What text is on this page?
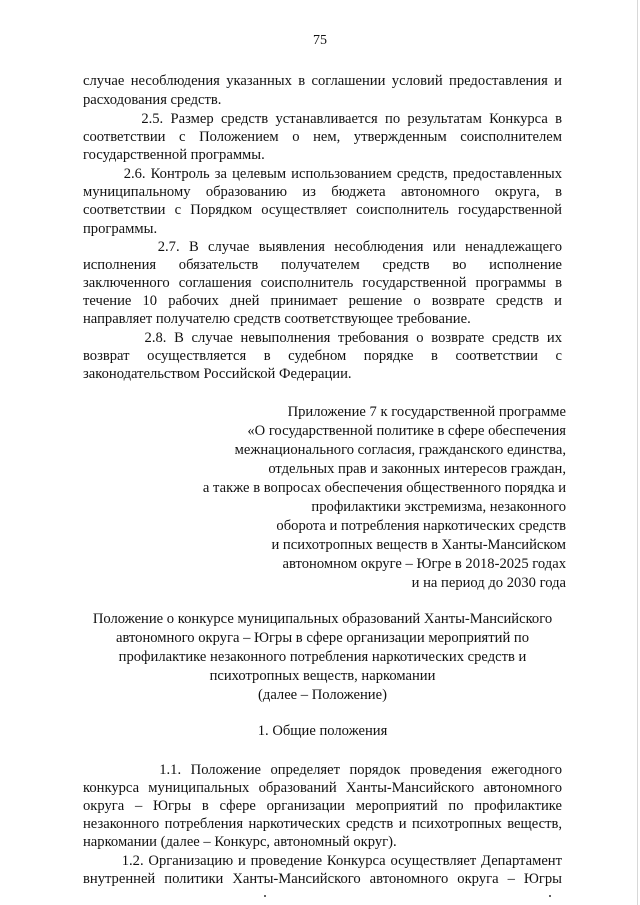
75
случае несоблюдения указанных в соглашении условий предоставления и
расходования средств.
2.5. Размер средств устанавливается по результатам Конкурса в
соответствии с Положением о нем, утвержденным соисполнителем
государственной программы.
2.6. Контроль за целевым использованием средств, предоставленных
муниципальному образованию из бюджета автономного округа, в
соответствии с Порядком осуществляет соисполнитель государственной
программы.
2.7. В случае выявления несоблюдения или ненадлежащего
исполнения обязательств получателем средств во исполнение
заключенного соглашения соисполнитель государственной программы в
течение 10 рабочих дней принимает решение о возврате средств и
направляет получателю средств соответствующее требование.
2.8. В случае невыполнения требования о возврате средств их
возврат осуществляется в судебном порядке в соответствии с
законодательством Российской Федерации.
Приложение 7 к государственной программе
«О государственной политике в сфере обеспечения
межнационального согласия, гражданского единства,
отдельных прав и законных интересов граждан,
а также в вопросах обеспечения общественного порядка и
профилактики экстремизма, незаконного
оборота и потребления наркотических средств
и психотропных веществ в Ханты-Мансийском
автономном округе – Югре в 2018-2025 годах
и на период до 2030 года
Положение о конкурсе муниципальных образований Ханты-Мансийского
автономного округа – Югры в сфере организации мероприятий по
профилактике незаконного потребления наркотических средств и
психотропных веществ, наркомании
(далее – Положение)
1. Общие положения
1.1. Положение определяет порядок проведения ежегодного
конкурса муниципальных образований Ханты-Мансийского автономного
округа – Югры в сфере организации мероприятий по профилактике
незаконного потребления наркотических средств и психотропных веществ,
наркомании (далее – Конкурс, автономный округ).
1.2. Организацию и проведение Конкурса осуществляет Департамент
внутренней политики Ханты-Мансийского автономного округа – Югры
